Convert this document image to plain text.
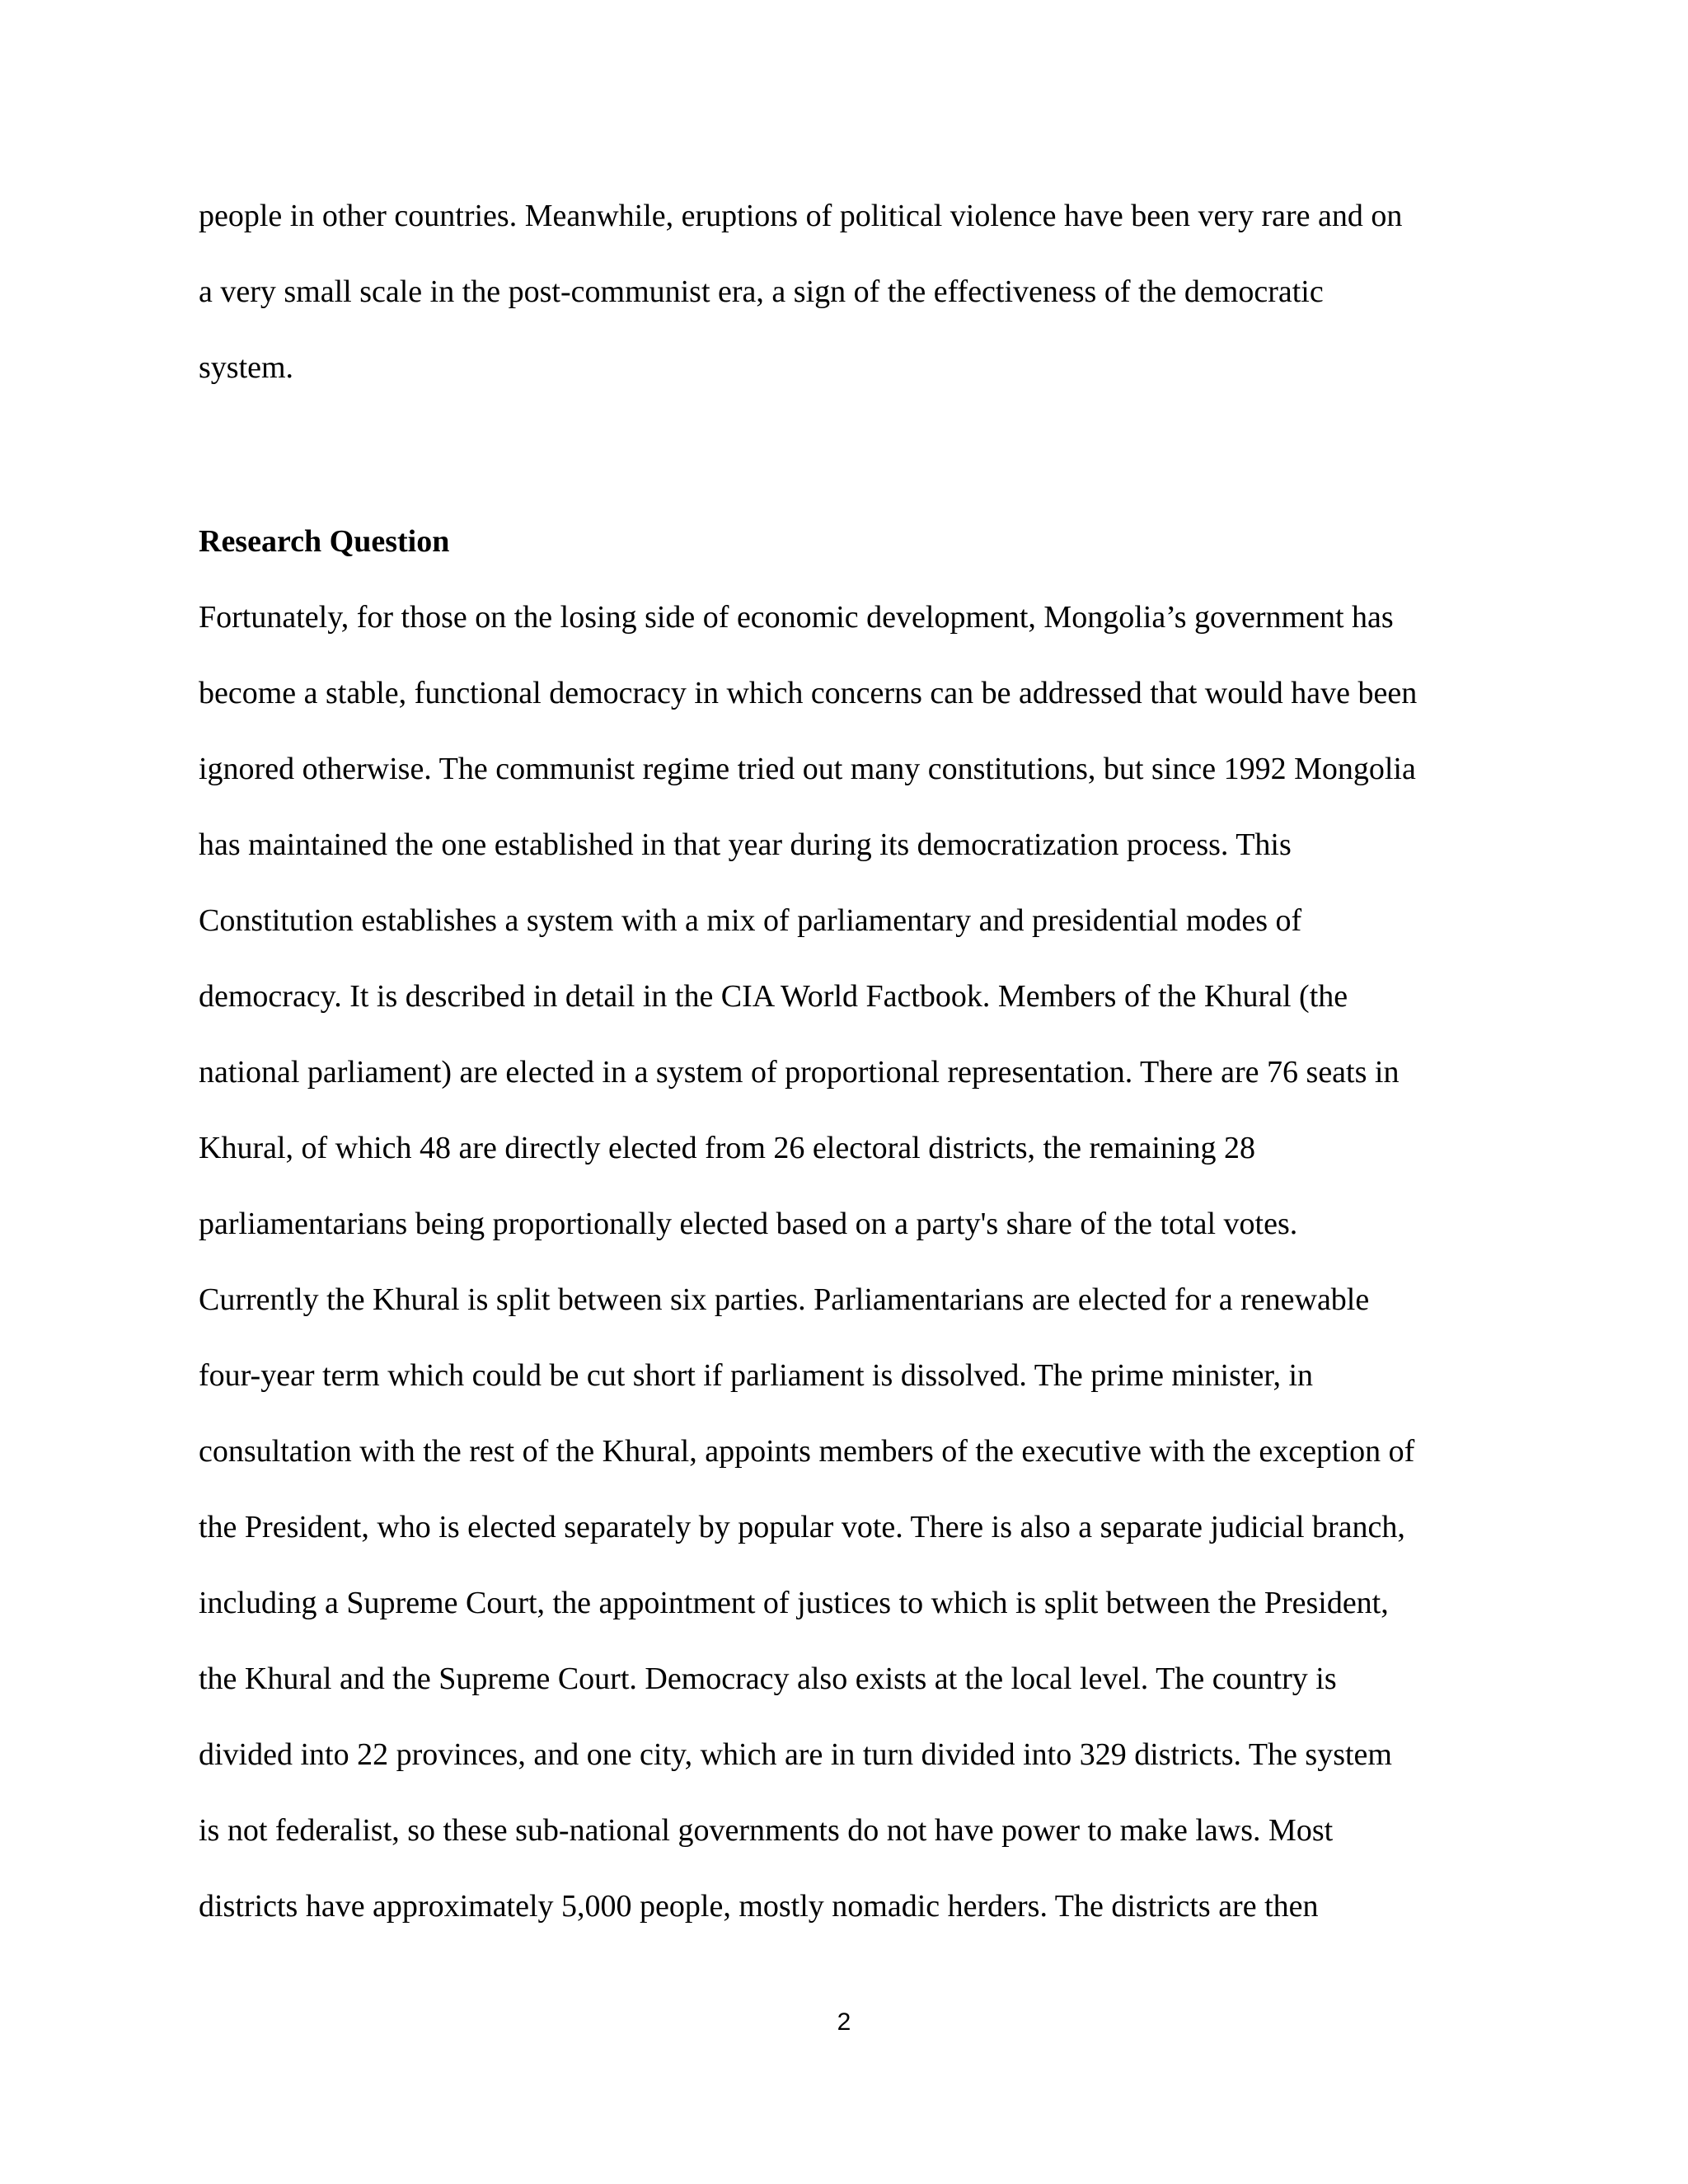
people in other countries. Meanwhile, eruptions of political violence have been very rare and on
a very small scale in the post-communist era, a sign of the effectiveness of the democratic
system.
Research Question
Fortunately, for those on the losing side of economic development, Mongolia’s government has
become a stable, functional democracy in which concerns can be addressed that would have been
ignored otherwise. The communist regime tried out many constitutions, but since 1992 Mongolia
has maintained the one established in that year during its democratization process. This
Constitution establishes a system with a mix of parliamentary and presidential modes of
democracy. It is described in detail in the CIA World Factbook. Members of the Khural (the
national parliament) are elected in a system of proportional representation. There are 76 seats in
Khural, of which 48 are directly elected from 26 electoral districts, the remaining 28
parliamentarians being proportionally elected based on a party's share of the total votes.
Currently the Khural is split between six parties. Parliamentarians are elected for a renewable
four-year term which could be cut short if parliament is dissolved. The prime minister, in
consultation with the rest of the Khural, appoints members of the executive with the exception of
the President, who is elected separately by popular vote. There is also a separate judicial branch,
including a Supreme Court, the appointment of justices to which is split between the President,
the Khural and the Supreme Court. Democracy also exists at the local level. The country is
divided into 22 provinces, and one city, which are in turn divided into 329 districts. The system
is not federalist, so these sub-national governments do not have power to make laws. Most
districts have approximately 5,000 people, mostly nomadic herders. The districts are then
2
